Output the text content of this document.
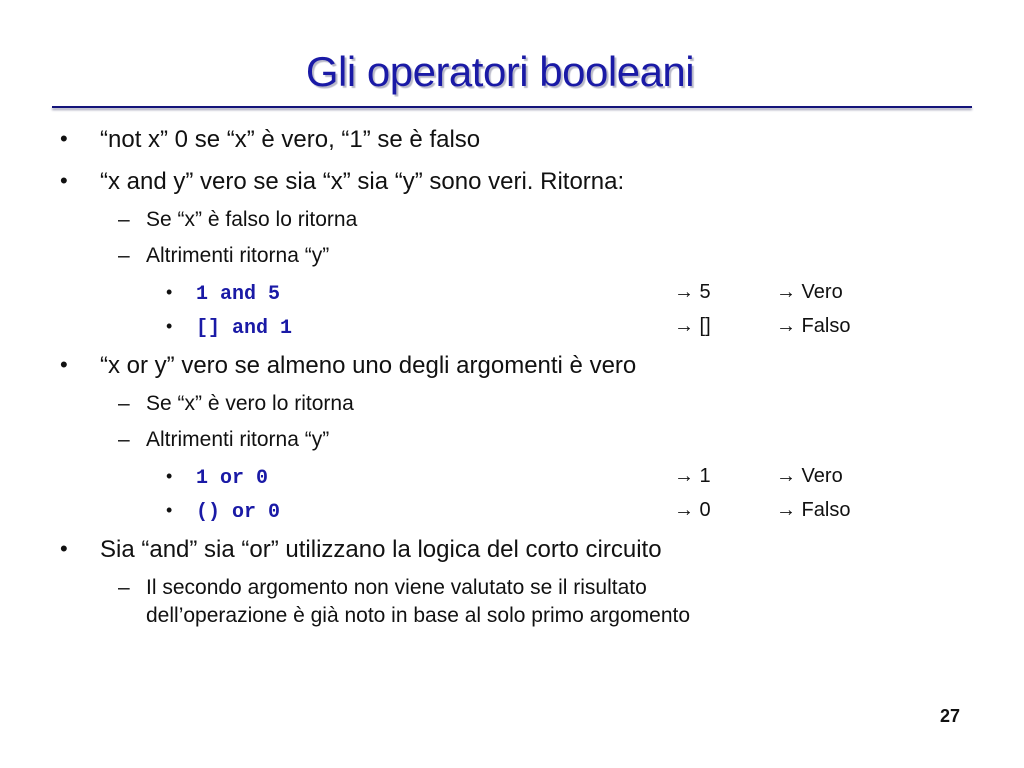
Gli operatori booleani
• “not x” 0 se “x” è vero, “1” se è falso
• “x and y” vero se sia “x” sia “y” sono veri. Ritorna:
– Se “x” è falso lo ritorna
– Altrimenti ritorna “y”
• 1 and 5	→ 5	→ Vero
• [] and 1	→ []	→ Falso
• “x or y” vero se almeno uno degli argomenti è vero
– Se “x” è vero lo ritorna
– Altrimenti ritorna “y”
• 1 or 0	→ 1	→ Vero
• () or 0	→ 0	→ Falso
• Sia “and” sia “or” utilizzano la logica del corto circuito
– Il secondo argomento non viene valutato se il risultato
dell’operazione è già noto in base al solo primo argomento
27
